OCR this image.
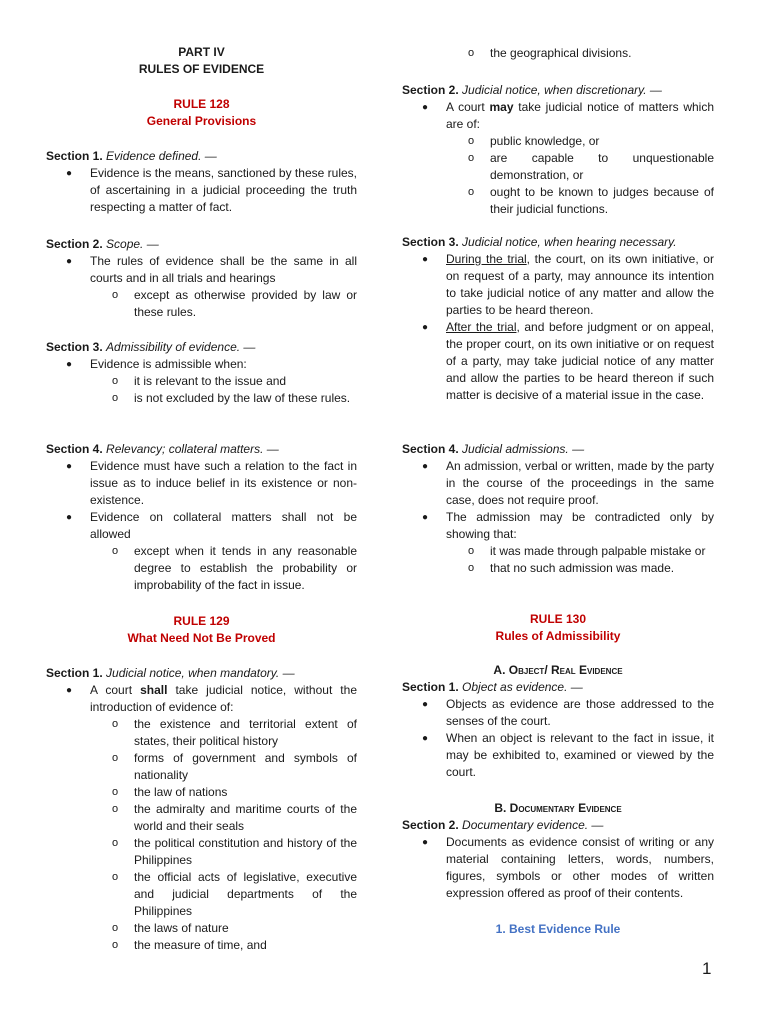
PART IV
RULES OF EVIDENCE
RULE 128
General Provisions
Section 1. Evidence defined. —
● Evidence is the means, sanctioned by these rules, of ascertaining in a judicial proceeding the truth respecting a matter of fact.
Section 2. Scope. —
● The rules of evidence shall be the same in all courts and in all trials and hearings
o except as otherwise provided by law or these rules.
Section 3. Admissibility of evidence. —
● Evidence is admissible when:
o it is relevant to the issue and
o is not excluded by the law of these rules.
Section 4. Relevancy; collateral matters. —
● Evidence must have such a relation to the fact in issue as to induce belief in its existence or non-existence.
● Evidence on collateral matters shall not be allowed
o except when it tends in any reasonable degree to establish the probability or improbability of the fact in issue.
RULE 129
What Need Not Be Proved
Section 1. Judicial notice, when mandatory. —
● A court shall take judicial notice, without the introduction of evidence of:
o the existence and territorial extent of states, their political history
o forms of government and symbols of nationality
o the law of nations
o the admiralty and maritime courts of the world and their seals
o the political constitution and history of the Philippines
o the official acts of legislative, executive and judicial departments of the Philippines
o the laws of nature
o the measure of time, and
o the geographical divisions.
Section 2. Judicial notice, when discretionary. —
● A court may take judicial notice of matters which are of:
o public knowledge, or
o are capable to unquestionable demonstration, or
o ought to be known to judges because of their judicial functions.
Section 3. Judicial notice, when hearing necessary.
● During the trial, the court, on its own initiative, or on request of a party, may announce its intention to take judicial notice of any matter and allow the parties to be heard thereon.
● After the trial, and before judgment or on appeal, the proper court, on its own initiative or on request of a party, may take judicial notice of any matter and allow the parties to be heard thereon if such matter is decisive of a material issue in the case.
Section 4. Judicial admissions. —
● An admission, verbal or written, made by the party in the course of the proceedings in the same case, does not require proof.
● The admission may be contradicted only by showing that:
o it was made through palpable mistake or
o that no such admission was made.
RULE 130
Rules of Admissibility
A. Object/ Real Evidence
Section 1. Object as evidence. —
● Objects as evidence are those addressed to the senses of the court.
● When an object is relevant to the fact in issue, it may be exhibited to, examined or viewed by the court.
B. Documentary Evidence
Section 2. Documentary evidence. —
● Documents as evidence consist of writing or any material containing letters, words, numbers, figures, symbols or other modes of written expression offered as proof of their contents.
1. Best Evidence Rule
1
